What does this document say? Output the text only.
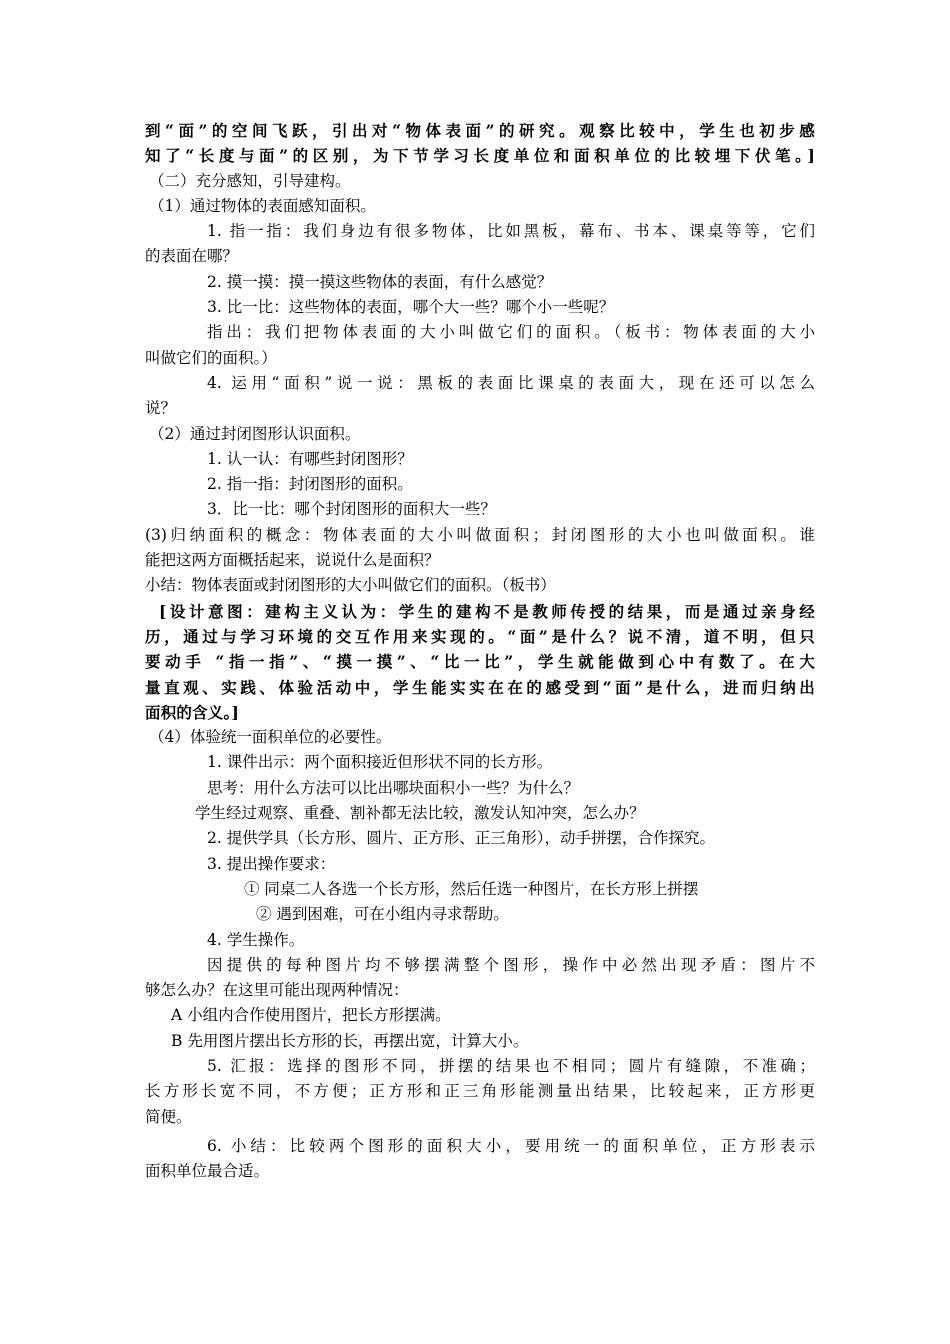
到“面”的空间飞跃，引出对“物体表面”的研究。观察比较中，学生也初步感
知了“长度与面”的区别，为下节学习长度单位和面积单位的比较埋下伏笔。]
（二）充分感知，引导建构。
（1）通过物体的表面感知面积。
1. 指一指：我们身边有很多物体，比如黑板，幕布、书本、课桌等等，它们
的表面在哪？
2. 摸一摸：摸一摸这些物体的表面，有什么感觉？
3. 比一比：这些物体的表面，哪个大一些？哪个小一些呢？
指出：我们把物体表面的大小叫做它们的面积。（板书：物体表面的大小
叫做它们的面积。）
4. 运用“面积”说一说：黑板的表面比课桌的表面大，现在还可以怎么
说？
（2）通过封闭图形认识面积。
1. 认一认：有哪些封闭图形？
2. 指一指：封闭图形的面积。
3．比一比：哪个封闭图形的面积大一些？
(3)归纳面积的概念：物体表面的大小叫做面积；封闭图形的大小也叫做面积。谁
能把这两方面概括起来，说说什么是面积？
小结：物体表面或封闭图形的大小叫做它们的面积。（板书）
[设计意图：建构主义认为：学生的建构不是教师传授的结果，而是通过亲身经
历，通过与学习环境的交互作用来实现的。“面”是什么？说不清，道不明，但只
要动手 “指一指”、“摸一摸”、“比一比”，学生就能做到心中有数了。在大
量直观、实践、体验活动中，学生能实实在在的感受到“面”是什么，进而归纳出
面积的含义。]
（4）体验统一面积单位的必要性。
1. 课件出示：两个面积接近但形状不同的长方形。
思考：用什么方法可以比出哪块面积小一些？为什么？
学生经过观察、重叠、割补都无法比较，激发认知冲突，怎么办？
2. 提供学具（长方形、圆片、正方形、正三角形），动手拼摆，合作探究。
3. 提出操作要求：
① 同桌二人各选一个长方形，然后任选一种图片，在长方形上拼摆
② 遇到困难，可在小组内寻求帮助。
4. 学生操作。
因提供的每种图片均不够摆满整个图形，操作中必然出现矛盾：图片不
够怎么办？在这里可能出现两种情况：
A 小组内合作使用图片，把长方形摆满。
B 先用图片摆出长方形的长，再摆出宽，计算大小。
5. 汇报：选择的图形不同，拼摆的结果也不相同；圆片有缝隙，不准确；
长方形长宽不同，不方便；正方形和正三角形能测量出结果，比较起来，正方形更
简便。
6. 小结：比较两个图形的面积大小，要用统一的面积单位，正方形表示
面积单位最合适。
